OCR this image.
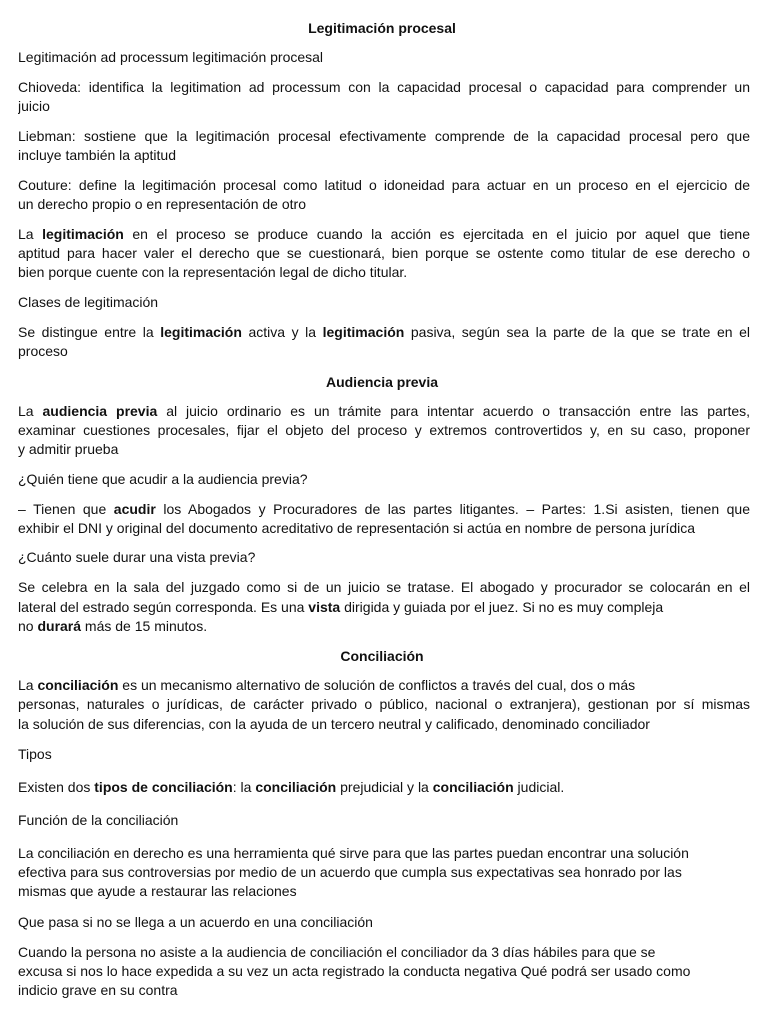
Legitimación procesal
Legitimación ad processum legitimación procesal
Chioveda: identifica la legitimation ad processum con la capacidad procesal o capacidad para comprender un
juicio
Liebman: sostiene que la legitimación procesal efectivamente comprende de la capacidad procesal pero que
incluye también la aptitud
Couture: define la legitimación procesal como latitud o idoneidad para actuar en un proceso en el ejercicio de
un derecho propio o en representación de otro
La legitimación en el proceso se produce cuando la acción es ejercitada en el juicio por aquel que tiene
aptitud para hacer valer el derecho que se cuestionará, bien porque se ostente como titular de ese derecho o
bien porque cuente con la representación legal de dicho titular.
Clases de legitimación
Se distingue entre la legitimación activa y la legitimación pasiva, según sea la parte de la que se trate en el
proceso
Audiencia previa
La audiencia previa al juicio ordinario es un trámite para intentar acuerdo o transacción entre las partes,
examinar cuestiones procesales, fijar el objeto del proceso y extremos controvertidos y, en su caso, proponer
y admitir prueba
¿Quién tiene que acudir a la audiencia previa?
– Tienen que acudir los Abogados y Procuradores de las partes litigantes. – Partes: 1.Si asisten, tienen que
exhibir el DNI y original del documento acreditativo de representación si actúa en nombre de persona jurídica
¿Cuánto suele durar una vista previa?
Se celebra en la sala del juzgado como si de un juicio se tratase. El abogado y procurador se colocarán en el
lateral del estrado según corresponda. Es una vista dirigida y guiada por el juez. Si no es muy compleja
no durará más de 15 minutos.
Conciliación
La conciliación es un mecanismo alternativo de solución de conflictos a través del cual, dos o más
personas, naturales o jurídicas, de carácter privado o público, nacional o extranjera), gestionan por sí mismas
la solución de sus diferencias, con la ayuda de un tercero neutral y calificado, denominado conciliador
Tipos
Existen dos tipos de conciliación: la conciliación prejudicial y la conciliación judicial.
Función de la conciliación
La conciliación en derecho es una herramienta qué sirve para que las partes puedan encontrar una solución
efectiva para sus controversias por medio de un acuerdo que cumpla sus expectativas sea honrado por las
mismas que ayude a restaurar las relaciones
Que pasa si no se llega a un acuerdo en una conciliación
Cuando la persona no asiste a la audiencia de conciliación el conciliador da 3 días hábiles para que se
excusa si nos lo hace expedida a su vez un acta registrado la conducta negativa Qué podrá ser usado como
indicio grave en su contra
